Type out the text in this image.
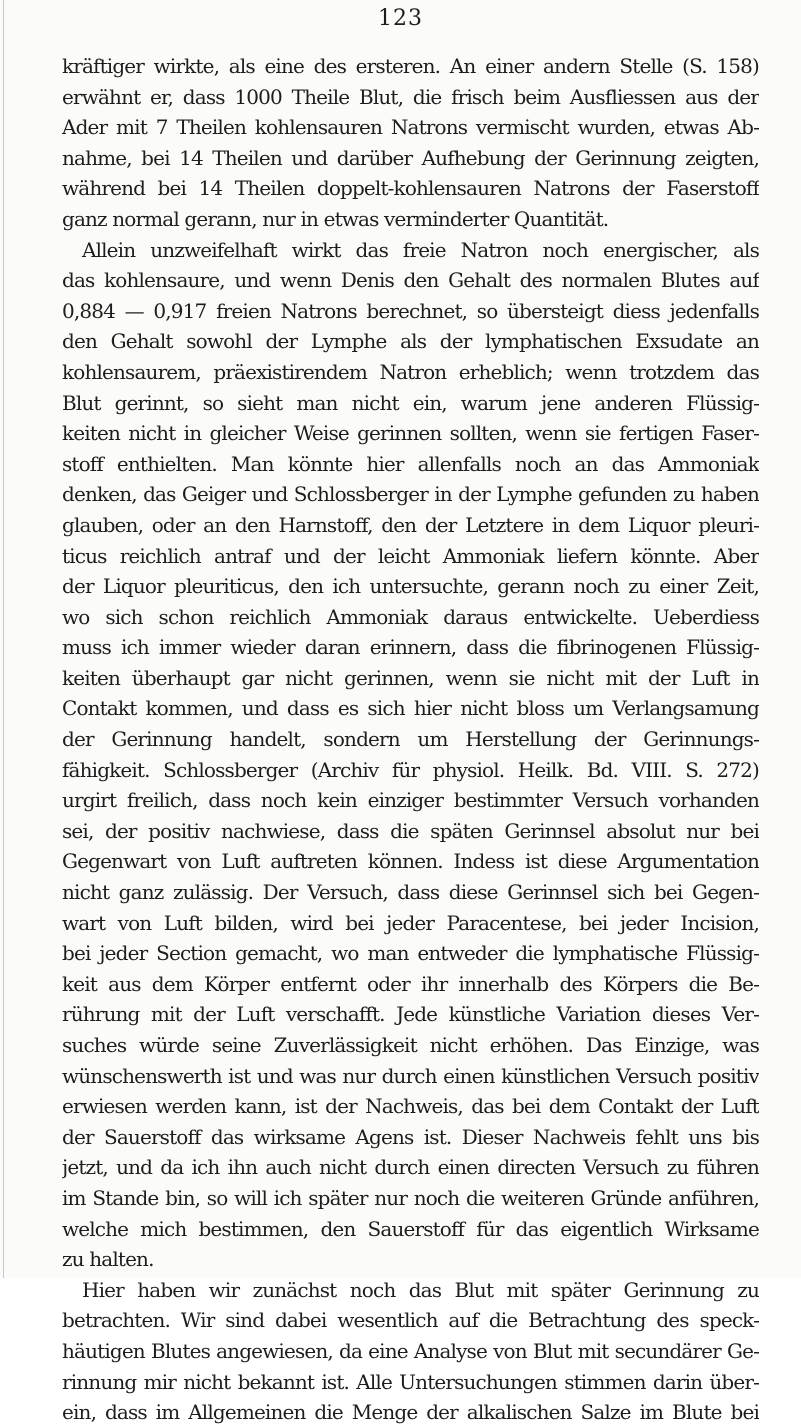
123
kräftiger wirkte, als eine des ersteren. An einer andern Stelle (S. 158)
erwähnt er, dass 1000 Theile Blut, die frisch beim Ausfliessen aus der
Ader mit 7 Theilen kohlensauren Natrons vermischt wurden, etwas Ab-
nahme, bei 14 Theilen und darüber Aufhebung der Gerinnung zeigten,
während bei 14 Theilen doppelt-kohlensauren Natrons der Faserstoff
ganz normal gerann, nur in etwas verminderter Quantität.
Allein unzweifelhaft wirkt das freie Natron noch energischer, als
das kohlensaure, und wenn Denis den Gehalt des normalen Blutes auf
0,884 — 0,917 freien Natrons berechnet, so übersteigt diess jedenfalls
den Gehalt sowohl der Lymphe als der lymphatischen Exsudate an
kohlensaurem, präexistirendem Natron erheblich; wenn trotzdem das
Blut gerinnt, so sieht man nicht ein, warum jene anderen Flüssig-
keiten nicht in gleicher Weise gerinnen sollten, wenn sie fertigen Faser-
stoff enthielten. Man könnte hier allenfalls noch an das Ammoniak
denken, das Geiger und Schlossberger in der Lymphe gefunden zu haben
glauben, oder an den Harnstoff, den der Letztere in dem Liquor pleuri-
ticus reichlich antraf und der leicht Ammoniak liefern könnte. Aber
der Liquor pleuriticus, den ich untersuchte, gerann noch zu einer Zeit,
wo sich schon reichlich Ammoniak daraus entwickelte. Ueberdiess
muss ich immer wieder daran erinnern, dass die fibrinogenen Flüssig-
keiten überhaupt gar nicht gerinnen, wenn sie nicht mit der Luft in
Contakt kommen, und dass es sich hier nicht bloss um Verlangsamung
der Gerinnung handelt, sondern um Herstellung der Gerinnungs-
fähigkeit. Schlossberger (Archiv für physiol. Heilk. Bd. VIII. S. 272)
urgirt freilich, dass noch kein einziger bestimmter Versuch vorhanden
sei, der positiv nachwiese, dass die späten Gerinnsel absolut nur bei
Gegenwart von Luft auftreten können. Indess ist diese Argumentation
nicht ganz zulässig. Der Versuch, dass diese Gerinnsel sich bei Gegen-
wart von Luft bilden, wird bei jeder Paracentese, bei jeder Incision,
bei jeder Section gemacht, wo man entweder die lymphatische Flüssig-
keit aus dem Körper entfernt oder ihr innerhalb des Körpers die Be-
rührung mit der Luft verschafft. Jede künstliche Variation dieses Ver-
suches würde seine Zuverlässigkeit nicht erhöhen. Das Einzige, was
wünschenswerth ist und was nur durch einen künstlichen Versuch positiv
erwiesen werden kann, ist der Nachweis, das bei dem Contakt der Luft
der Sauerstoff das wirksame Agens ist. Dieser Nachweis fehlt uns bis
jetzt, und da ich ihn auch nicht durch einen directen Versuch zu führen
im Stande bin, so will ich später nur noch die weiteren Gründe anführen,
welche mich bestimmen, den Sauerstoff für das eigentlich Wirksame
zu halten.
Hier haben wir zunächst noch das Blut mit später Gerinnung zu
betrachten. Wir sind dabei wesentlich auf die Betrachtung des speck-
häutigen Blutes angewiesen, da eine Analyse von Blut mit secundärer Ge-
rinnung mir nicht bekannt ist. Alle Untersuchungen stimmen darin über-
ein, dass im Allgemeinen die Menge der alkalischen Salze im Blute bei
